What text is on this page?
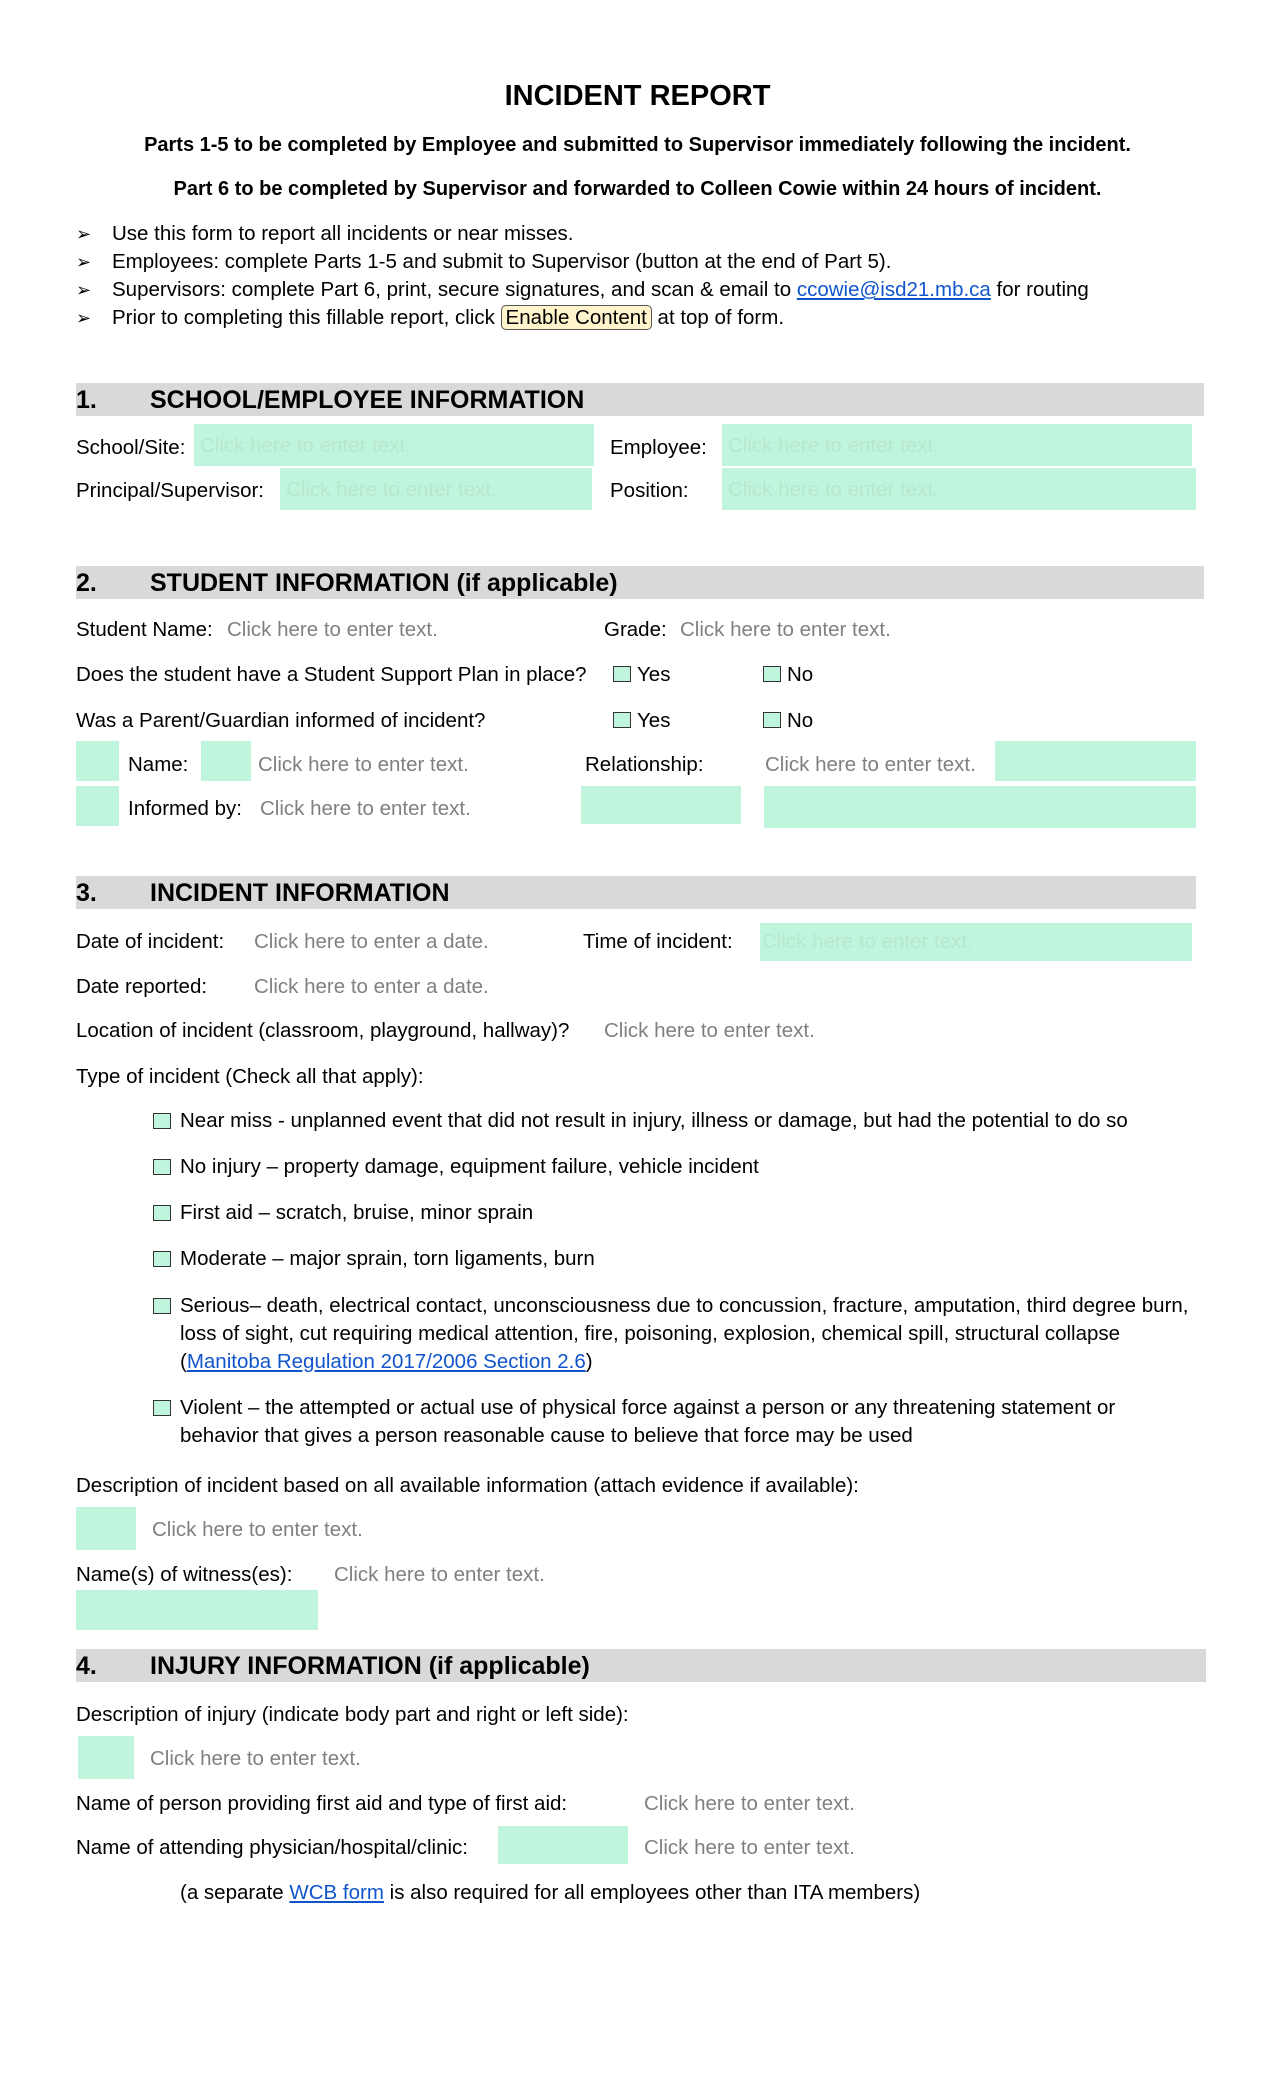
INCIDENT REPORT
Parts 1-5 to be completed by Employee and submitted to Supervisor immediately following the incident.
Part 6 to be completed by Supervisor and forwarded to Colleen Cowie within 24 hours of incident.
➢ Use this form to report all incidents or near misses.
➢ Employees: complete Parts 1-5 and submit to Supervisor (button at the end of Part 5).
➢ Supervisors: complete Part 6, print, secure signatures, and scan & email to ccowie@isd21.mb.ca for routing
➢ Prior to completing this fillable report, click Enable Content at top of form.
1. SCHOOL/EMPLOYEE INFORMATION
School/Site: Click here to enter text.	Employee: Click here to enter text.
Principal/Supervisor: Click here to enter text.	Position: Click here to enter text.
2. STUDENT INFORMATION (if applicable)
Student Name: Click here to enter text.	Grade: Click here to enter text.
Does the student have a Student Support Plan in place?	Yes	No
Was a Parent/Guardian informed of incident?	Yes	No
Name:	Click here to enter text.	Relationship:	Click here to enter text.
Informed by: Click here to enter text.
3. INCIDENT INFORMATION
Date of incident: Click here to enter a date.	Time of incident: Click here to enter text.
Date reported: Click here to enter a date.
Location of incident (classroom, playground, hallway)? Click here to enter text.
Type of incident (Check all that apply):
Near miss - unplanned event that did not result in injury, illness or damage, but had the potential to do so
No injury – property damage, equipment failure, vehicle incident
First aid – scratch, bruise, minor sprain
Moderate – major sprain, torn ligaments, burn
Serious– death, electrical contact, unconsciousness due to concussion, fracture, amputation, third degree burn, loss of sight, cut requiring medical attention, fire, poisoning, explosion, chemical spill, structural collapse (Manitoba Regulation 2017/2006 Section 2.6)
Violent – the attempted or actual use of physical force against a person or any threatening statement or behavior that gives a person reasonable cause to believe that force may be used
Description of incident based on all available information (attach evidence if available):
Click here to enter text.
Name(s) of witness(es): Click here to enter text.
4. INJURY INFORMATION (if applicable)
Description of injury (indicate body part and right or left side):
Click here to enter text.
Name of person providing first aid and type of first aid:	Click here to enter text.
Name of attending physician/hospital/clinic:	Click here to enter text.
(a separate WCB form is also required for all employees other than ITA members)
